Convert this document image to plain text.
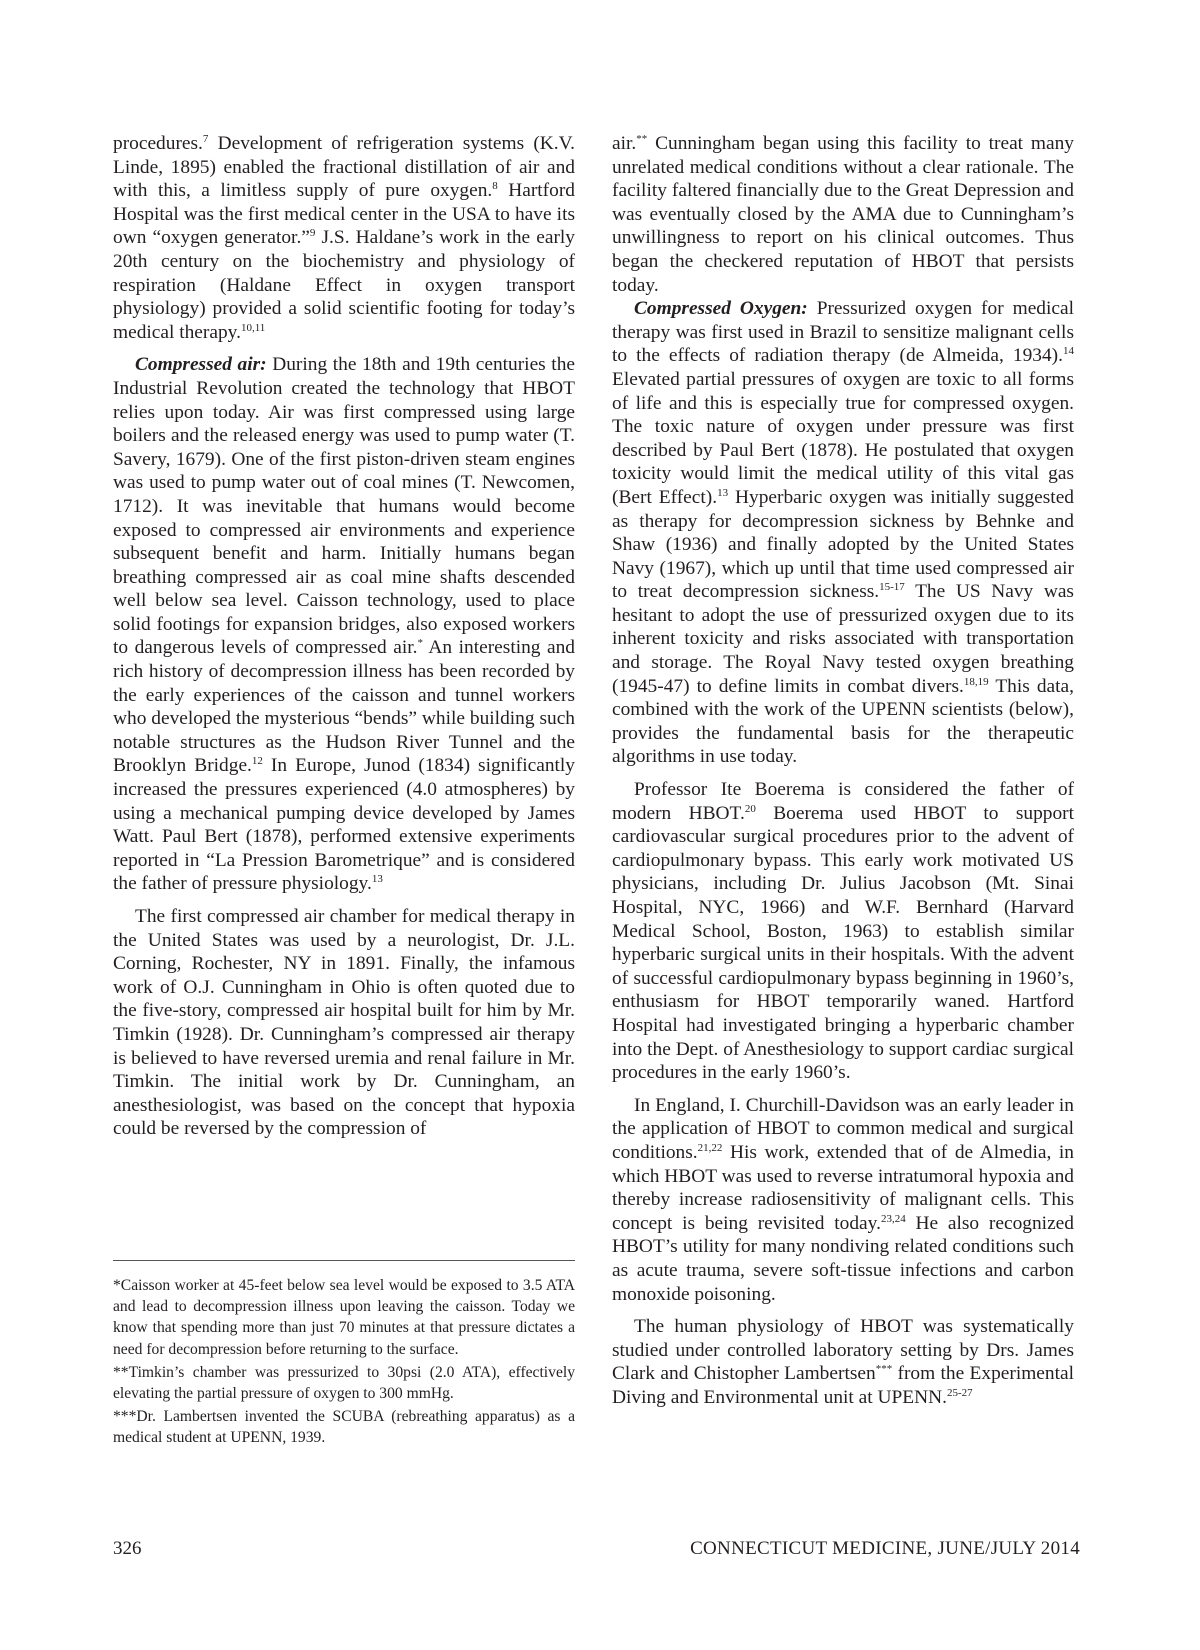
procedures.$^7$ Development of refrigeration systems (K.V. Linde, 1895) enabled the fractional distillation of air and with this, a limitless supply of pure oxygen.$^8$ Hartford Hospital was the first medical center in the USA to have its own “oxygen generator.”$^9$ J.S. Haldane’s work in the early 20th century on the biochemistry and physiology of respiration (Haldane Effect in oxygen transport physiology) provided a solid scientific footing for today’s medical therapy.$^{10,11}$

Compressed air: During the 18th and 19th centuries the Industrial Revolution created the technology that HBOT relies upon today. Air was first compressed using large boilers and the released energy was used to pump water (T. Savery, 1679). One of the first piston-driven steam engines was used to pump water out of coal mines (T. Newcomen, 1712). It was inevitable that humans would become exposed to compressed air environments and experience subsequent benefit and harm. Initially humans began breathing compressed air as coal mine shafts descended well below sea level. Caisson technology, used to place solid footings for expansion bridges, also exposed workers to dangerous levels of compressed air.* An interesting and rich history of decompression illness has been recorded by the early experiences of the caisson and tunnel workers who developed the mysterious “bends” while building such notable structures as the Hudson River Tunnel and the Brooklyn Bridge.$^{12}$ In Europe, Junod (1834) significantly increased the pressures experienced (4.0 atmospheres) by using a mechanical pumping device developed by James Watt. Paul Bert (1878), performed extensive experiments reported in “La Pression Barometrique” and is considered the father of pressure physiology.$^{13}$

The first compressed air chamber for medical therapy in the United States was used by a neurologist, Dr. J.L. Corning, Rochester, NY in 1891. Finally, the infamous work of O.J. Cunningham in Ohio is often quoted due to the five-story, compressed air hospital built for him by Mr. Timkin (1928). Dr. Cunningham’s compressed air therapy is believed to have reversed uremia and renal failure in Mr. Timkin. The initial work by Dr. Cunningham, an anesthesiologist, was based on the concept that hypoxia could be reversed by the compression of

air.** Cunningham began using this facility to treat many unrelated medical conditions without a clear rationale. The facility faltered financially due to the Great Depression and was eventually closed by the AMA due to Cunningham’s unwillingness to report on his clinical outcomes. Thus began the checkered reputation of HBOT that persists today.

Compressed Oxygen: Pressurized oxygen for medical therapy was first used in Brazil to sensitize malignant cells to the effects of radiation therapy (de Almeida, 1934).$^{14}$ Elevated partial pressures of oxygen are toxic to all forms of life and this is especially true for compressed oxygen. The toxic nature of oxygen under pressure was first described by Paul Bert (1878). He postulated that oxygen toxicity would limit the medical utility of this vital gas (Bert Effect).$^{13}$ Hyperbaric oxygen was initially suggested as therapy for decompression sickness by Behnke and Shaw (1936) and finally adopted by the United States Navy (1967), which up until that time used compressed air to treat decompression sickness.$^{15-17}$ The US Navy was hesitant to adopt the use of pressurized oxygen due to its inherent toxicity and risks associated with transportation and storage. The Royal Navy tested oxygen breathing (1945-47) to define limits in combat divers.$^{18,19}$ This data, combined with the work of the UPENN scientists (below), provides the fundamental basis for the therapeutic algorithms in use today.

Professor Ite Boerema is considered the father of modern HBOT.$^{20}$ Boerema used HBOT to support cardiovascular surgical procedures prior to the advent of cardiopulmonary bypass. This early work motivated US physicians, including Dr. Julius Jacobson (Mt. Sinai Hospital, NYC, 1966) and W.F. Bernhard (Harvard Medical School, Boston, 1963) to establish similar hyperbaric surgical units in their hospitals. With the advent of successful cardiopulmonary bypass beginning in 1960’s, enthusiasm for HBOT temporarily waned. Hartford Hospital had investigated bringing a hyperbaric chamber into the Dept. of Anesthesiology to support cardiac surgical procedures in the early 1960’s.

In England, I. Churchill-Davidson was an early leader in the application of HBOT to common medical and surgical conditions.$^{21,22}$ His work, extended that of de Almedia, in which HBOT was used to reverse intratumoral hypoxia and thereby increase radiosensitivity of malignant cells. This concept is being revisited today.$^{23,24}$ He also recognized HBOT’s utility for many nondiving related conditions such as acute trauma, severe soft-tissue infections and carbon monoxide poisoning.

The human physiology of HBOT was systematically studied under controlled laboratory setting by Drs. James Clark and Chistopher Lambertsen*** from the Experimental Diving and Environmental unit at UPENN.$^{25-27}$

*Caisson worker at 45-feet below sea level would be exposed to 3.5 ATA and lead to decompression illness upon leaving the caisson. Today we know that spending more than just 70 minutes at that pressure dictates a need for decompression before returning to the surface.

**Timkin’s chamber was pressurized to 30psi (2.0 ATA), effectively elevating the partial pressure of oxygen to 300 mmHg.

***Dr. Lambertsen invented the SCUBA (rebreathing apparatus) as a medical student at UPENN, 1939.

326	CONNECTICUT MEDICINE, JUNE/JULY 2014
